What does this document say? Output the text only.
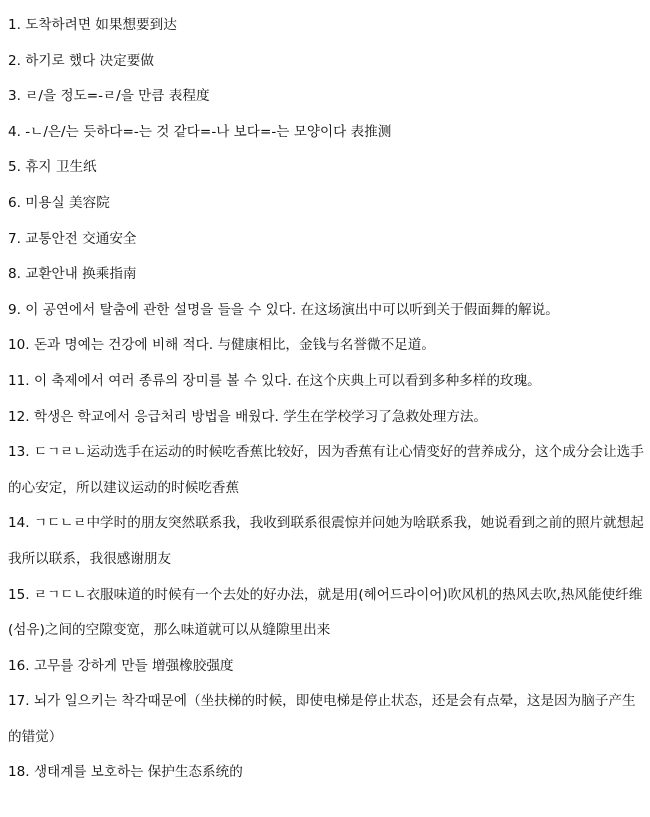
1. 도착하려면 如果想要到达
2. 하기로 했다 决定要做
3. ㄹ/을 정도=-ㄹ/을 만큼 表程度
4. -ㄴ/은/는 듯하다=-는 것 같다=-나 보다=-는 모양이다 表推测
5. 휴지 卫生纸
6. 미용실 美容院
7. 교통안전 交通安全
8. 교환안내 换乘指南
9. 이 공연에서 탈춤에 관한 설명을 들을 수 있다. 在这场演出中可以听到关于假面舞的解说。
10. 돈과 명예는 건강에 비해 적다. 与健康相比，金钱与名誉微不足道。
11. 이 축제에서 여러 종류의 장미를 볼 수 있다. 在这个庆典上可以看到多种多样的玫瑰。
12. 학생은 학교에서 응급처리 방법을 배웠다. 学生在学校学习了急救处理方法。
13. ㄷㄱㄹㄴ运动选手在运动的时候吃香蕉比较好，因为香蕉有让心情变好的营养成分，这个成分会让选手的心安定，所以建议运动的时候吃香蕉
14. ㄱㄷㄴㄹ中学时的朋友突然联系我，我收到联系很震惊并问她为啥联系我，她说看到之前的照片就想起我所以联系，我很感谢朋友
15. ㄹㄱㄷㄴ衣服味道的时候有一个去处的好办法，就是用(헤어드라이어)吹风机的热风去吹,热风能使纤维(섬유)之间的空隙变宽，那么味道就可以从缝隙里出来
16. 고무를 강하게 만들 增强橡胶强度
17. 뇌가 일으키는 착각때문에（坐扶梯的时候，即使电梯是停止状态，还是会有点晕，这是因为脑子产生的错觉）
18. 생태계를 보호하는 保护生态系统的
